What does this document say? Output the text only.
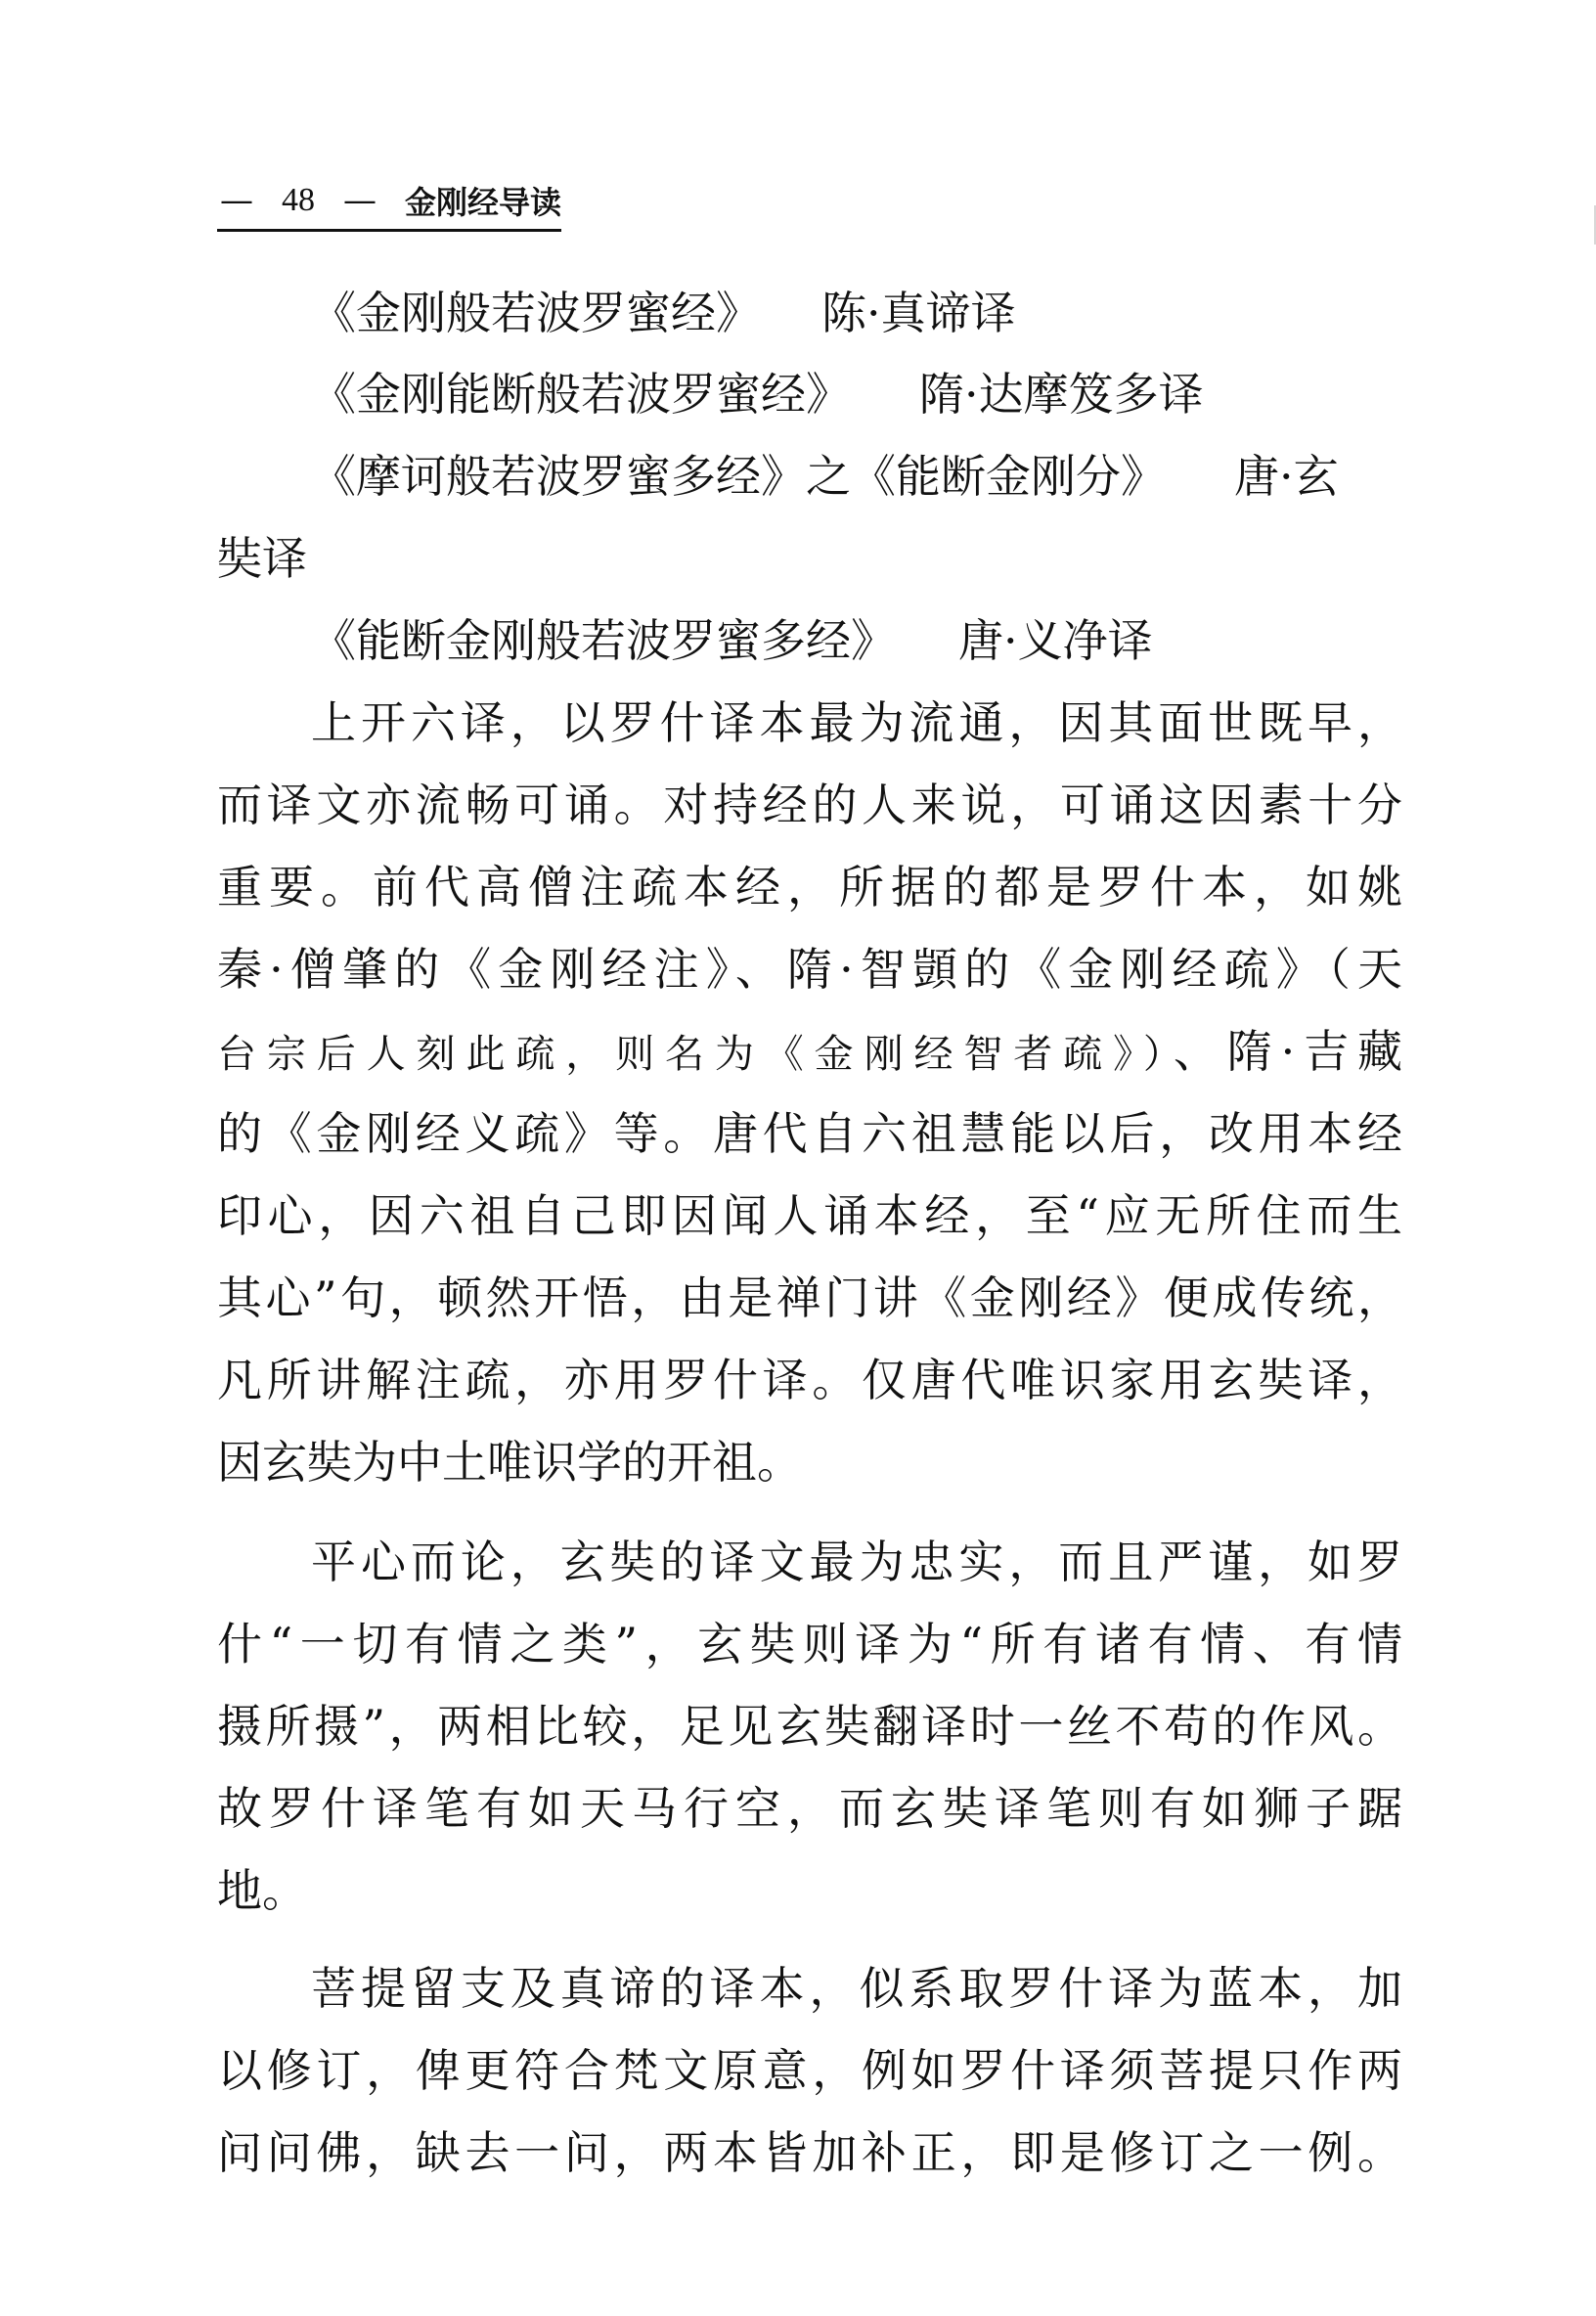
— 48 — 金刚经导读
《金刚般若波罗蜜经》 陈·真谛译
《金刚能断般若波罗蜜经》 隋·达摩笈多译
《摩诃般若波罗蜜多经》之《能断金刚分》 唐·玄
奘译
《能断金刚般若波罗蜜多经》 唐·义净译
上开六译，以罗什译本最为流通，因其面世既早，
而译文亦流畅可诵。对持经的人来说，可诵这因素十分
重要。前代高僧注疏本经，所据的都是罗什本，如姚
秦·僧肇的《金刚经注》、隋·智顗的《金刚经疏》（天
台宗后人刻此疏，则名为《金刚经智者疏》）、隋·吉藏
的《金刚经义疏》等。唐代自六祖慧能以后，改用本经
印心，因六祖自己即因闻人诵本经，至“应无所住而生
其心”句，顿然开悟，由是禅门讲《金刚经》便成传统，
凡所讲解注疏，亦用罗什译。仅唐代唯识家用玄奘译，
因玄奘为中土唯识学的开祖。
平心而论，玄奘的译文最为忠实，而且严谨，如罗
什“一切有情之类”，玄奘则译为“所有诸有情、有情
摄所摄”，两相比较，足见玄奘翻译时一丝不苟的作风。
故罗什译笔有如天马行空，而玄奘译笔则有如狮子踞
地。
菩提留支及真谛的译本，似系取罗什译为蓝本，加
以修订，俾更符合梵文原意，例如罗什译须菩提只作两
问问佛，缺去一问，两本皆加补正，即是修订之一例。
